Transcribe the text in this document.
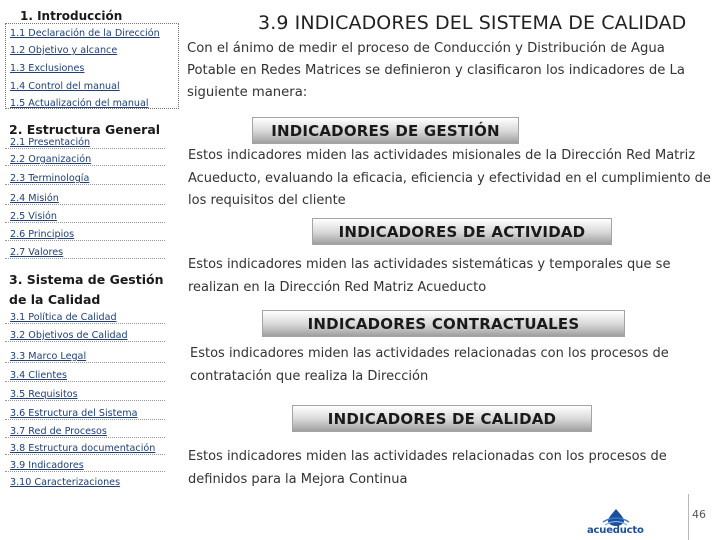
1. Introducción
1.1 Declaración de la Dirección
1.2 Objetivo y alcance
1.3 Exclusiones
1.4 Control del manual
1.5 Actualización del manual
2. Estructura General
2.1 Presentación
2.2 Organización
2.3 Terminología
2.4 Misión
2.5 Visión
2.6 Principios
2.7 Valores
3. Sistema de Gestión de la Calidad
3.1 Política de Calidad
3.2 Objetivos de Calidad
3.3 Marco Legal
3.4 Clientes
3.5 Requisitos
3.6 Estructura del Sistema
3.7 Red de Procesos
3.8 Estructura documentación
3.9 Indicadores
3.10 Caracterizaciones
3.9 INDICADORES DEL SISTEMA DE CALIDAD
Con el ánimo de medir el proceso de Conducción y Distribución de Agua Potable en Redes Matrices se definieron y clasificaron los indicadores de La siguiente manera:
INDICADORES DE GESTIÓN
Estos indicadores miden las actividades misionales de la Dirección Red Matriz Acueducto, evaluando la eficacia, eficiencia y efectividad en el cumplimiento de los requisitos del cliente
INDICADORES DE ACTIVIDAD
Estos indicadores miden las actividades sistemáticas y temporales que se realizan en la Dirección Red Matriz Acueducto
INDICADORES CONTRACTUALES
Estos indicadores miden las actividades relacionadas con los procesos de contratación que realiza la Dirección
INDICADORES DE CALIDAD
Estos indicadores miden las actividades relacionadas con los procesos de definidos para la Mejora Continua
acueducto
46
